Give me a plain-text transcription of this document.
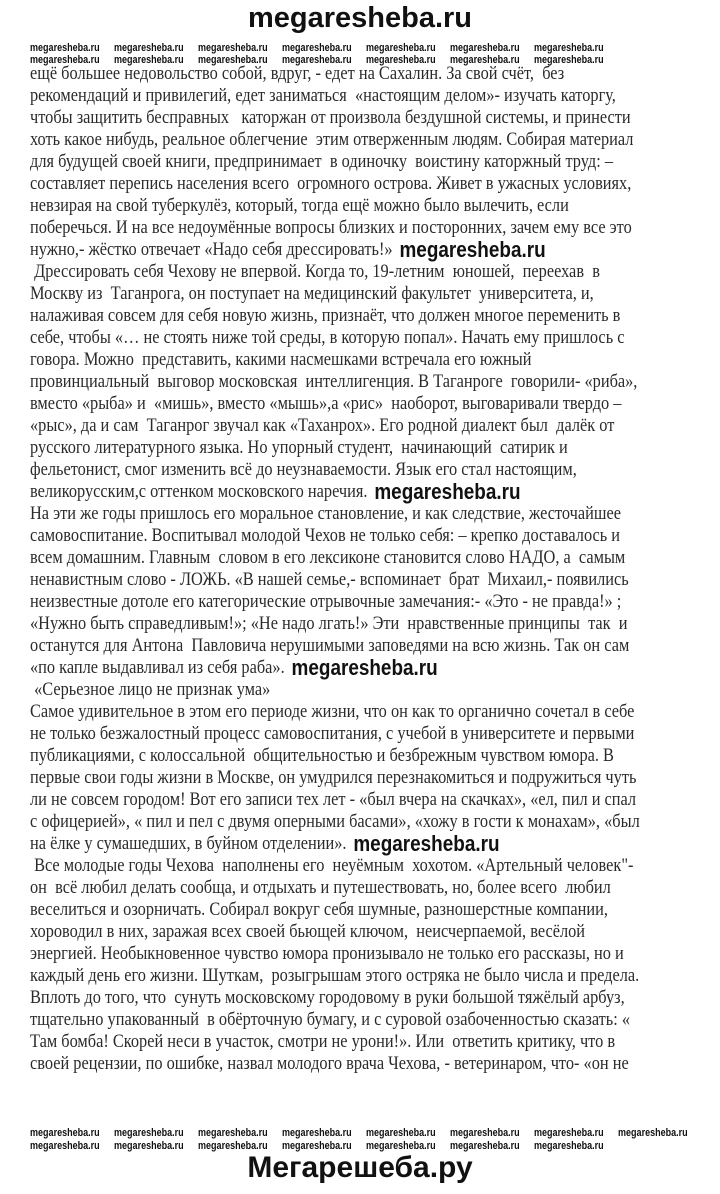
megaresheba.ru
megaresheba.ru	megaresheba.ru	megaresheba.ru	megaresheba.ru	megaresheba.ru	megaresheba.ru	megaresheba.ru
megaresheba.ru	megaresheba.ru	megaresheba.ru	megaresheba.ru	megaresheba.ru	megaresheba.ru	megaresheba.ru
ещё большее недовольство собой, вдруг, - едет на Сахалин. За свой счёт,  без
рекомендаций и привилегий, едет заниматься  «настоящим делом»- изучать каторгу,
чтобы защитить бесправных   каторжан от произвола бездушной системы, и принести
хоть какое нибудь, реальное облегчение  этим отверженным людям. Собирая материал
для будущей своей книги, предпринимает  в одиночку  воистину каторжный труд: –
составляет перепись населения всего  огромного острова. Живет в ужасных условиях,
невзирая на свой туберкулёз, который, тогда ещё можно было вылечить, если
поберечься. И на все недоумённые вопросы близких и посторонних, зачем ему все это
нужно,- жёстко отвечает «Надо себя дрессировать!» megaresheba.ru
Дрессировать себя Чехову не впервой. Когда то, 19-летним  юношей,  переехав  в
Москву из  Таганрога, он поступает на медицинский факультет  университета, и,
налаживая совсем для себя новую жизнь, признаёт, что должен многое переменить в
себе, чтобы «… не стоять ниже той среды, в которую попал». Начать ему пришлось с
говора. Можно  представить, какими насмешками встречала его южный
провинциальный  выговор московская  интеллигенция. В Таганроге  говорили- «риба»,
вместо «рыба» и  «мишь», вместо «мышь»,а «рис»  наоборот, выговаривали твердо –
«рыс», да и сам  Таганрог звучал как «Таханрох». Его родной диалект был  далёк от
русского литературного языка. Но упорный студент,  начинающий  сатирик и
фельетонист, смог изменить всё до неузнаваемости. Язык его стал настоящим,
великорусским,с оттенком московского наречия. megaresheba.ru
На эти же годы пришлось его моральное становление, и как следствие, жесточайшее
самовоспитание. Воспитывал молодой Чехов не только себя: – крепко доставалось и
всем домашним. Главным  словом в его лексиконе становится слово НАДО, а  самым
ненавистным слово - ЛОЖЬ. «В нашей семье,- вспоминает  брат  Михаил,- появились
неизвестные дотоле его категорические отрывочные замечания:- «Это - не правда!» ;
«Нужно быть справедливым!»; «Не надо лгать!» Эти  нравственные принципы  так  и
останутся для Антона  Павловича нерушимыми заповедями на всю жизнь. Так он сам
«по капле выдавливал из себя раба». megaresheba.ru
«Серьезное лицо не признак ума»
Самое удивительное в этом его периоде жизни, что он как то органично сочетал в себе
не только безжалостный процесс самовоспитания, с учебой в университете и первыми
публикациями, с колоссальной  общительностью и безбрежным чувством юмора. В
первые свои годы жизни в Москве, он умудрился перезнакомиться и подружиться чуть
ли не совсем городом! Вот его записи тех лет - «был вчера на скачках», «ел, пил и спал
с офицерией», « пил и пел с двумя оперными басами», «хожу в гости к монахам», «был
на ёлке у сумашедших, в буйном отделении». megaresheba.ru
Все молодые годы Чехова  наполнены его  неуёмным  хохотом. «Артельный человек"-
он  всё любил делать сообща, и отдыхать и путешествовать, но, более всего  любил
веселиться и озорничать. Собирал вокруг себя шумные, разношерстные компании,
хороводил в них, заражая всех своей бьющей ключом,  неисчерпаемой, весёлой
энергией. Необыкновенное чувство юмора пронизывало не только его рассказы, но и
каждый день его жизни. Шуткам,  розыгрышам этого остряка не было числа и предела.
Вплоть до того, что  сунуть московскому городовому в руки большой тяжёлый арбуз,
тщательно упакованный  в обёрточную бумагу, и с суровой озабоченностью сказать: «
Там бомба! Скорей неси в участок, смотри не урони!». Или  ответить критику, что в
своей рецензии, по ошибке, назвал молодого врача Чехова, - ветеринаром, что- «он не
megaresheba.ru	megaresheba.ru	megaresheba.ru	megaresheba.ru	megaresheba.ru	megaresheba.ru	megaresheba.ru	megaresheba.ru
megaresheba.ru	megaresheba.ru	megaresheba.ru	megaresheba.ru	megaresheba.ru	megaresheba.ru	megaresheba.ru
Мегарешеба.ру
